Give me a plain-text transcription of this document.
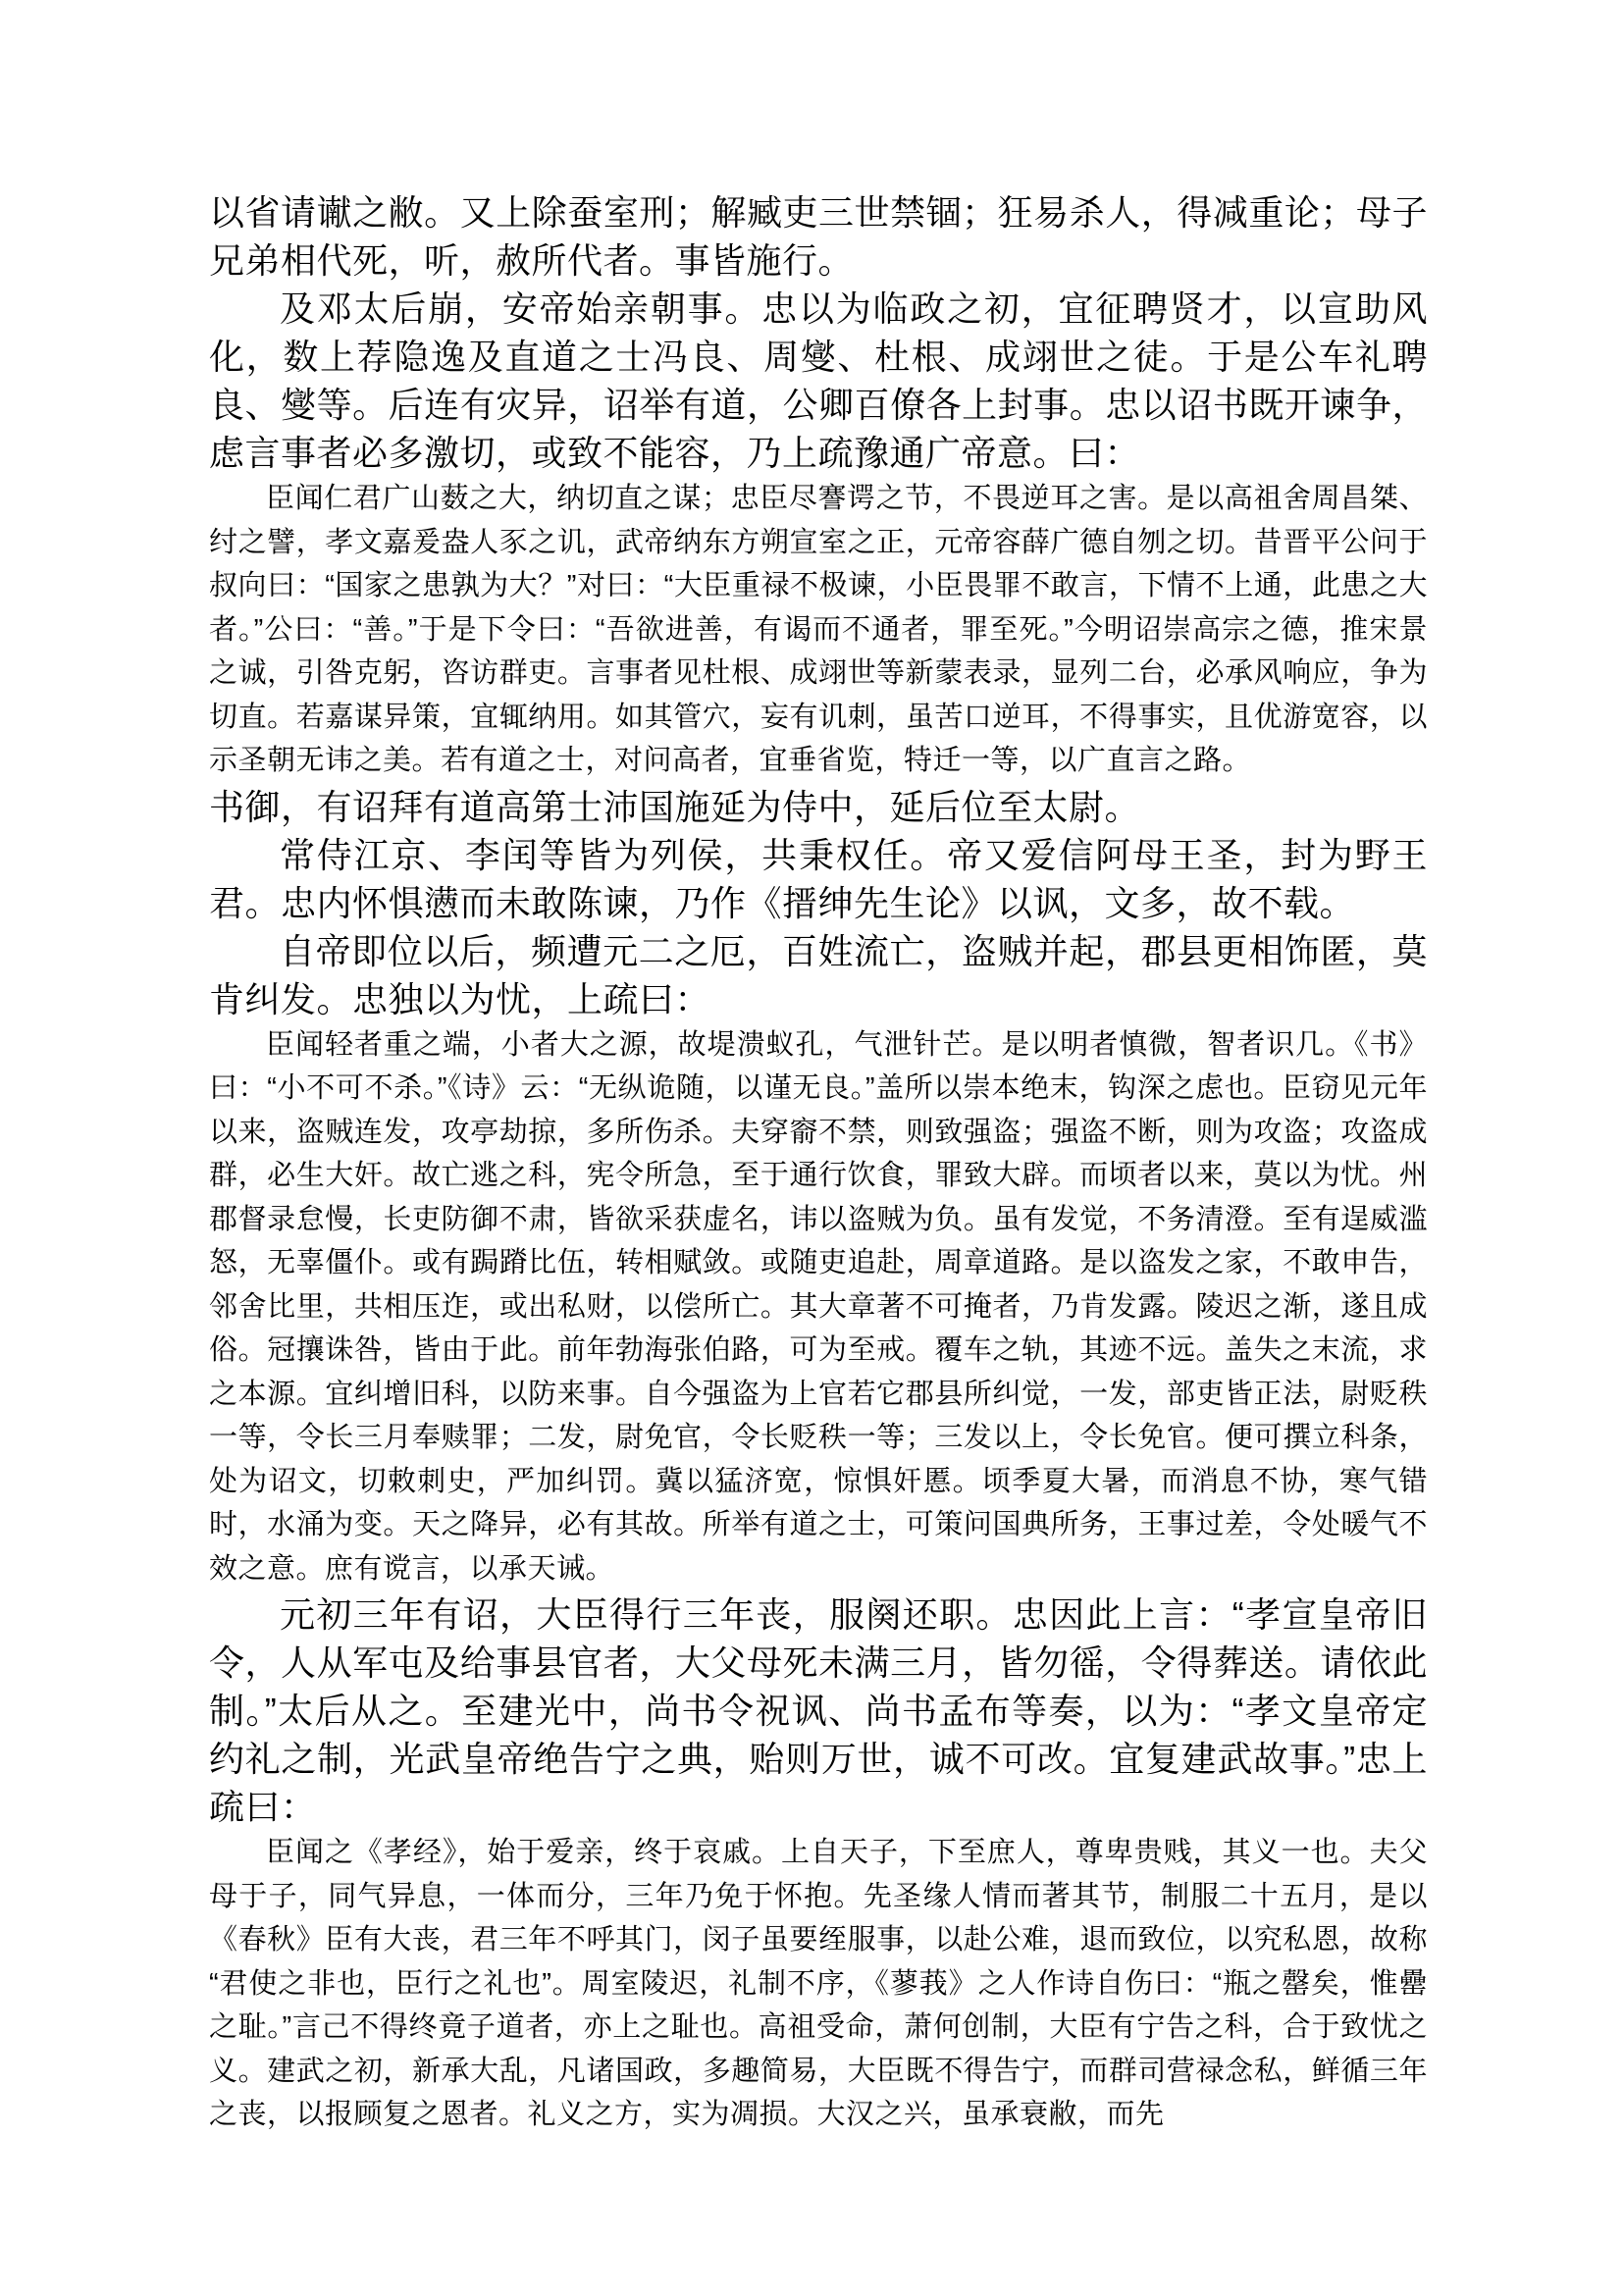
以省请谳之敝。又上除蚕室刑；解臧吏三世禁锢；狂易杀人，得减重论；母子兄弟相代死，听，赦所代者。事皆施行。

及邓太后崩，安帝始亲朝事。忠以为临政之初，宜征聘贤才，以宣助风化，数上荐隐逸及直道之士冯良、周燮、杜根、成翊世之徒。于是公车礼聘良、燮等。后连有灾异，诏举有道，公卿百僚各上封事。忠以诏书既开谏争，虑言事者必多激切，或致不能容，乃上疏豫通广帝意。曰：

臣闻仁君广山薮之大，纳切直之谋；忠臣尽謇谔之节，不畏逆耳之害。是以高祖舍周昌桀、纣之譬，孝文嘉爰盎人豕之讥，武帝纳东方朔宣室之正，元帝容薛广德自刎之切。昔晋平公问于叔向曰：“国家之患孰为大？”对曰：“大臣重禄不极谏，小臣畏罪不敢言，下情不上通，此患之大者。”公曰：“善。”于是下令曰：“吾欲进善，有谒而不通者，罪至死。”今明诏崇高宗之德，推宋景之诚，引咎克躬，咨访群吏。言事者见杜根、成翊世等新蒙表录，显列二台，必承风响应，争为切直。若嘉谋异策，宜辄纳用。如其管穴，妄有讥刺，虽苦口逆耳，不得事实，且优游宽容，以示圣朝无讳之美。若有道之士，对问高者，宜垂省览，特迁一等，以广直言之路。

书御，有诏拜有道高第士沛国施延为侍中，延后位至太尉。

常侍江京、李闰等皆为列侯，共秉权任。帝又爱信阿母王圣，封为野王君。忠内怀惧懑而未敢陈谏，乃作《搢绅先生论》以讽，文多，故不载。

自帝即位以后，频遭元二之厄，百姓流亡，盗贼并起，郡县更相饰匿，莫肯纠发。忠独以为忧，上疏曰：

臣闻轻者重之端，小者大之源，故堤溃蚁孔，气泄针芒。是以明者慎微，智者识几。《书》曰：“小不可不杀。”《诗》云：“无纵诡随，以谨无良。”盖所以崇本绝末，钩深之虑也。臣窃见元年以来，盗贼连发，攻亭劫掠，多所伤杀。夫穿窬不禁，则致强盗；强盗不断，则为攻盗；攻盗成群，必生大奸。故亡逃之科，宪令所急，至于通行饮食，罪致大辟。而顷者以来，莫以为忧。州郡督录怠慢，长吏防御不肃，皆欲采获虚名，讳以盗贼为负。虽有发觉，不务清澄。至有逞威滥怒，无辜僵仆。或有跼蹐比伍，转相赋敛。或随吏追赴，周章道路。是以盗发之家，不敢申告，邻舍比里，共相压迮，或出私财，以偿所亡。其大章著不可掩者，乃肯发露。陵迟之渐，遂且成俗。冠攘诛咎，皆由于此。前年勃海张伯路，可为至戒。覆车之轨，其迹不远。盖失之末流，求之本源。宜纠增旧科，以防来事。自今强盗为上官若它郡县所纠觉，一发，部吏皆正法，尉贬秩一等，令长三月奉赎罪；二发，尉免官，令长贬秩一等；三发以上，令长免官。便可撰立科条，处为诏文，切敕刺史，严加纠罚。冀以猛济宽，惊惧奸慝。顷季夏大暑，而消息不协，寒气错时，水涌为变。天之降异，必有其故。所举有道之士，可策问国典所务，王事过差，令处暖气不效之意。庶有谠言，以承天诫。

元初三年有诏，大臣得行三年丧，服阕还职。忠因此上言：“孝宣皇帝旧令，人从军屯及给事县官者，大父母死未满三月，皆勿徭，令得葬送。请依此制。”太后从之。至建光中，尚书令祝讽、尚书孟布等奏，以为：“孝文皇帝定约礼之制，光武皇帝绝告宁之典，贻则万世，诚不可改。宜复建武故事。”忠上疏曰：

臣闻之《孝经》，始于爱亲，终于哀戚。上自天子，下至庶人，尊卑贵贱，其义一也。夫父母于子，同气异息，一体而分，三年乃免于怀抱。先圣缘人情而著其节，制服二十五月，是以《春秋》臣有大丧，君三年不呼其门，闵子虽要绖服事，以赴公难，退而致位，以究私恩，故称“君使之非也，臣行之礼也”。周室陵迟，礼制不序，《蓼莪》之人作诗自伤曰：“瓶之罄矣，惟罍之耻。”言己不得终竟子道者，亦上之耻也。高祖受命，萧何创制，大臣有宁告之科，合于致忧之义。建武之初，新承大乱，凡诸国政，多趣简易，大臣既不得告宁，而群司营禄念私，鲜循三年之丧，以报顾复之恩者。礼义之方，实为凋损。大汉之兴，虽承衰敝，而先
